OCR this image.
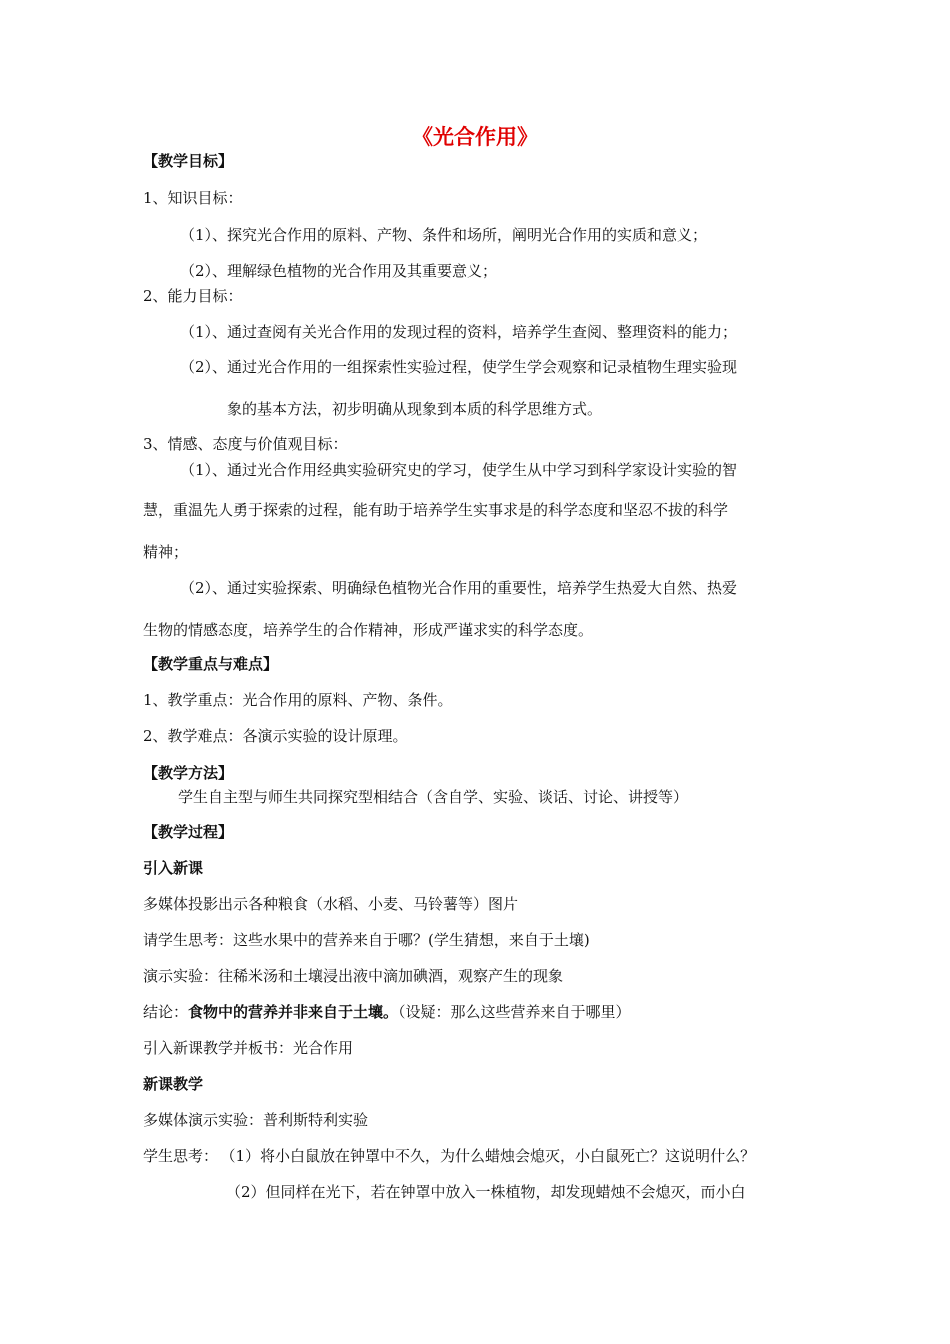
《光合作用》
【教学目标】
1、知识目标：
（1）、探究光合作用的原料、产物、条件和场所，阐明光合作用的实质和意义；
（2）、理解绿色植物的光合作用及其重要意义；
2、能力目标：
（1）、通过查阅有关光合作用的发现过程的资料，培养学生查阅、整理资料的能力；
（2）、通过光合作用的一组探索性实验过程，使学生学会观察和记录植物生理实验现
象的基本方法，初步明确从现象到本质的科学思维方式。
3、情感、态度与价值观目标：
（1）、通过光合作用经典实验研究史的学习，使学生从中学习到科学家设计实验的智
慧，重温先人勇于探索的过程，能有助于培养学生实事求是的科学态度和坚忍不拔的科学
精神；
（2）、通过实验探索、明确绿色植物光合作用的重要性，培养学生热爱大自然、热爱
生物的情感态度，培养学生的合作精神，形成严谨求实的科学态度。
【教学重点与难点】
1、教学重点：光合作用的原料、产物、条件。
2、教学难点：各演示实验的设计原理。
【教学方法】
学生自主型与师生共同探究型相结合（含自学、实验、谈话、讨论、讲授等）
【教学过程】
引入新课
多媒体投影出示各种粮食（水稻、小麦、马铃薯等）图片
请学生思考：这些水果中的营养来自于哪？(学生猜想，来自于土壤)
演示实验：往稀米汤和土壤浸出液中滴加碘酒，观察产生的现象
结论：食物中的营养并非来自于土壤。（设疑：那么这些营养来自于哪里）
引入新课教学并板书：光合作用
新课教学
多媒体演示实验：普利斯特利实验
学生思考： （1）将小白鼠放在钟罩中不久，为什么蜡烛会熄灭，小白鼠死亡？这说明什么？
（2）但同样在光下，若在钟罩中放入一株植物，却发现蜡烛不会熄灭，而小白
